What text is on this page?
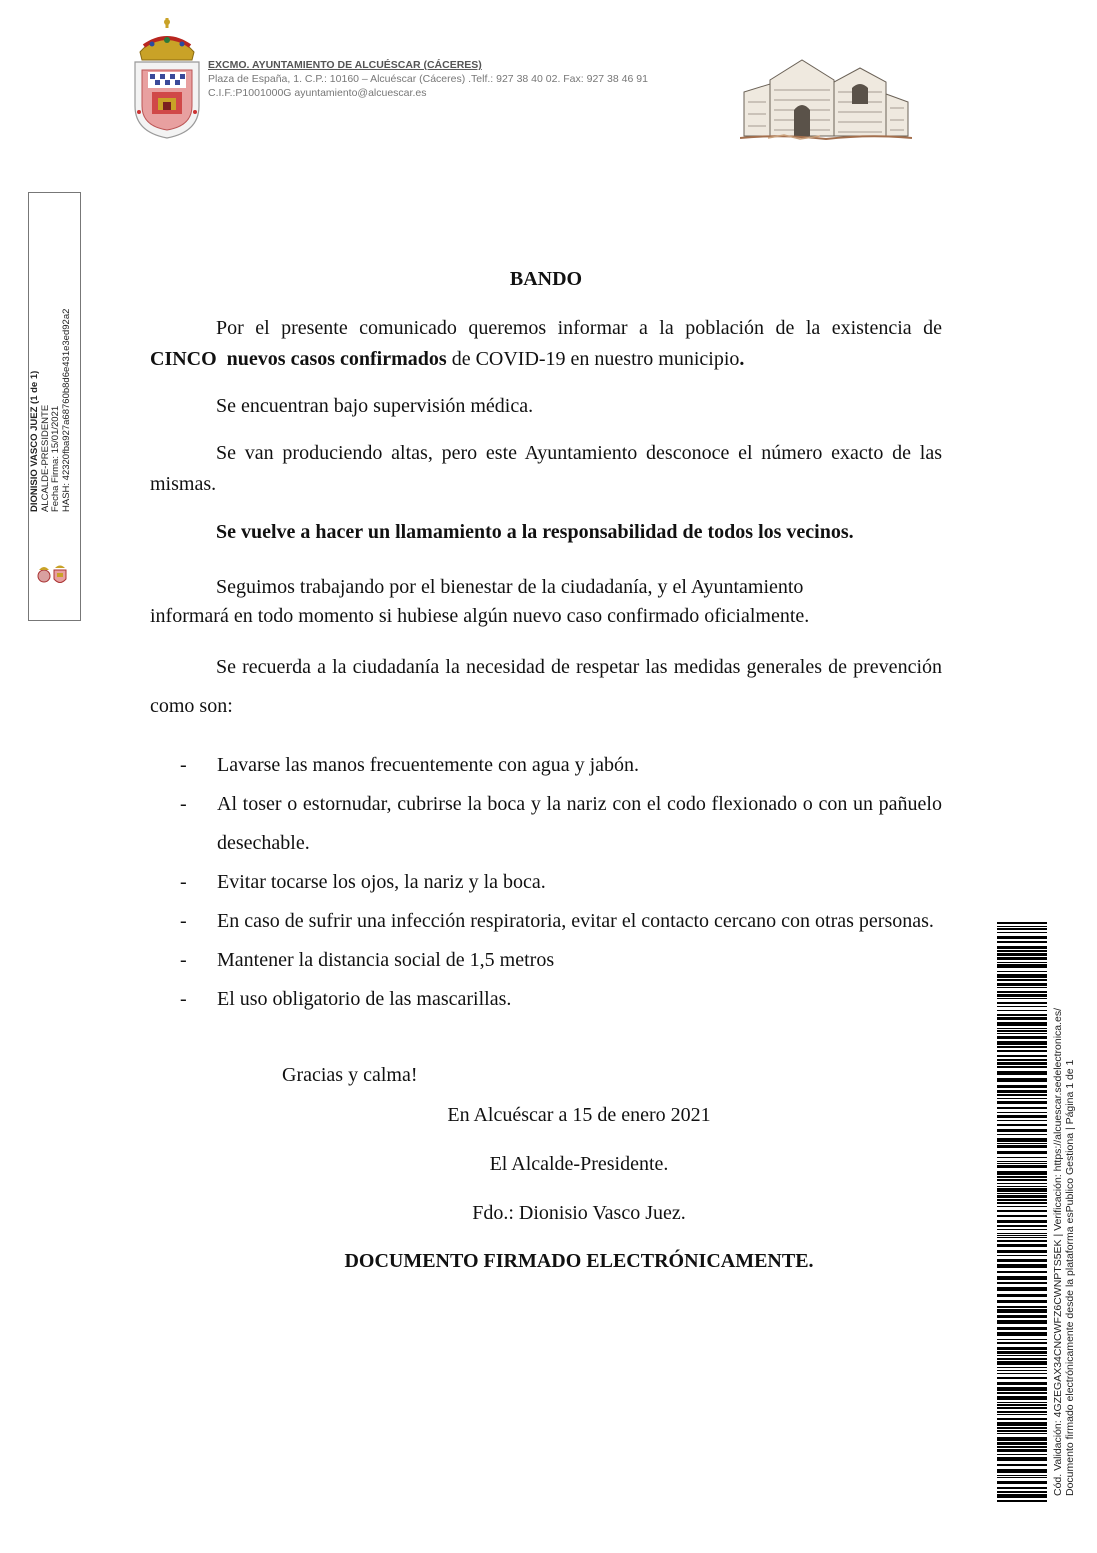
EXCMO. AYUNTAMIENTO DE ALCUÉSCAR (CÁCERES)
Plaza de España, 1. C.P.: 10160 – Alcuéscar (Cáceres) .Telf.: 927 38 40 02. Fax: 927 38 46 91
C.I.F.:P1001000G ayuntamiento@alcuescar.es
DIONISIO VASCO JUEZ (1 de 1) ALCALDE-PRESIDENTE Fecha Firma: 15/01/2021 HASH: 42320fba927a68760b8d6e431e3ed92a2
BANDO
Por el presente comunicado queremos informar a la población de la existencia de CINCO  nuevos casos confirmados de COVID-19 en nuestro municipio.
Se encuentran bajo supervisión médica.
Se van produciendo altas, pero este Ayuntamiento desconoce el número exacto de las mismas.
Se vuelve a hacer un llamamiento a la responsabilidad de todos los vecinos.
Seguimos trabajando por el bienestar de la ciudadanía, y el Ayuntamiento
informará en todo momento si hubiese algún nuevo caso confirmado oficialmente.
Se recuerda a la ciudadanía la necesidad de respetar las medidas generales de prevención como son:
- Lavarse las manos frecuentemente con agua y jabón.
- Al toser o estornudar, cubrirse la boca y la nariz con el codo flexionado o con un pañuelo desechable.
- Evitar tocarse los ojos, la nariz y la boca.
- En caso de sufrir una infección respiratoria, evitar el contacto cercano con otras personas.
- Mantener la distancia social de 1,5 metros
- El uso obligatorio de las mascarillas.
Gracias y calma!
En Alcuéscar a 15 de enero 2021
El Alcalde-Presidente.
Fdo.: Dionisio Vasco Juez.
DOCUMENTO FIRMADO ELECTRÓNICAMENTE.	Cód. Validación: 4GZEGAX34CNCWFZ6CWNPTS5EK | Verificación: https://alcuescar.sedelectronica.es/ Documento firmado electrónicamente desde la plataforma esPublico Gestiona | Página 1 de 1
